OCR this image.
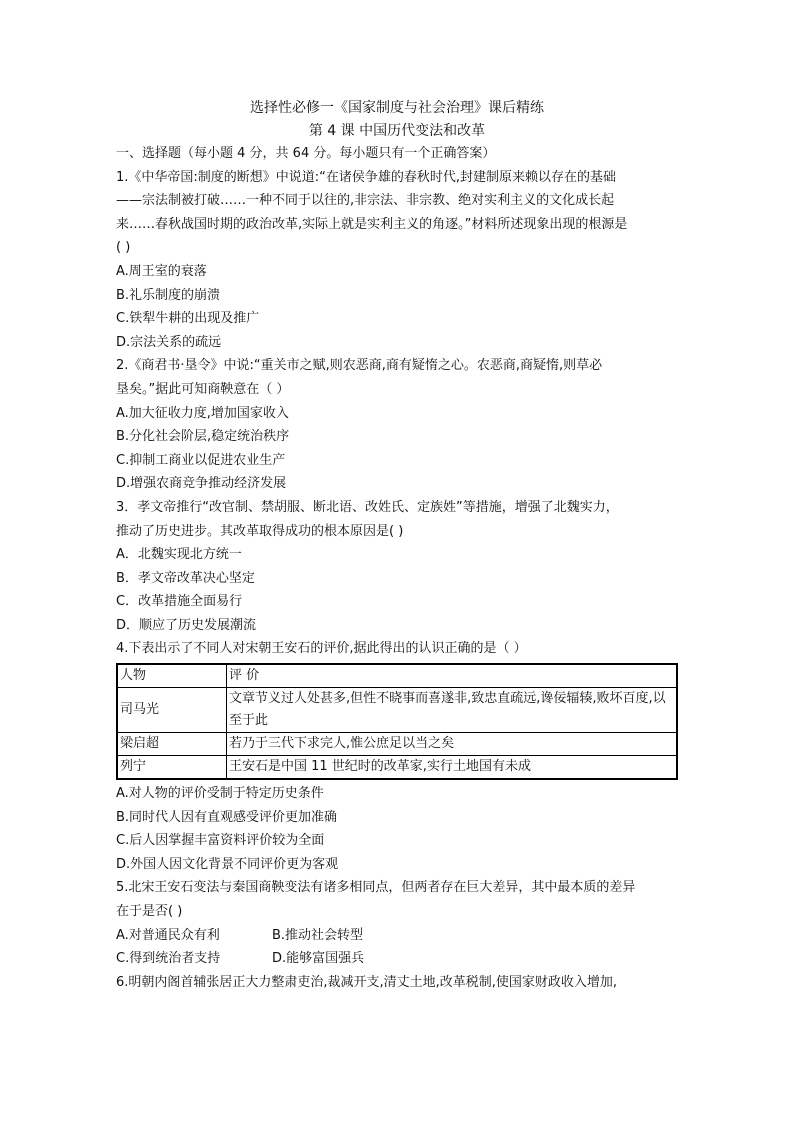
选择性必修一《国家制度与社会治理》课后精练
第 4 课 中国历代变法和改革
一、选择题（每小题 4 分，共 64 分。每小题只有一个正确答案）
1.《中华帝国:制度的断想》中说道:“在诸侯争雄的春秋时代,封建制原来赖以存在的基础
——宗法制被打破……一种不同于以往的,非宗法、非宗教、绝对实利主义的文化成长起
来……春秋战国时期的政治改革,实际上就是实利主义的角逐。”材料所述现象出现的根源是
( )
A.周王室的衰落
B.礼乐制度的崩溃
C.铁犁牛耕的出现及推广
D.宗法关系的疏远
2.《商君书·垦令》中说:“重关市之赋,则农恶商,商有疑惰之心。农恶商,商疑惰,则草必
垦矣。”据此可知商鞅意在（ ）
A.加大征收力度,增加国家收入
B.分化社会阶层,稳定统治秩序
C.抑制工商业以促进农业生产
D.增强农商竞争推动经济发展
3．孝文帝推行“改官制、禁胡服、断北语、改姓氏、定族姓”等措施，增强了北魏实力，
推动了历史进步。其改革取得成功的根本原因是( )
A．北魏实现北方统一
B．孝文帝改革决心坚定
C．改革措施全面易行
D．顺应了历史发展潮流
4.下表出示了不同人对宋朝王安石的评价,据此得出的认识正确的是（ ）
人物	评 价
司马光	文章节义过人处甚多,但性不晓事而喜遂非,致忠直疏远,谗佞辐辏,败坏百度,以至于此
梁启超	若乃于三代下求完人,惟公庶足以当之矣
列宁	王安石是中国 11 世纪时的改革家,实行土地国有未成
A.对人物的评价受制于特定历史条件
B.同时代人因有直观感受评价更加准确
C.后人因掌握丰富资料评价较为全面
D.外国人因文化背景不同评价更为客观
5.北宋王安石变法与秦国商鞅变法有诸多相同点，但两者存在巨大差异，其中最本质的差异
在于是否( )
A.对普通民众有利	B.推动社会转型
C.得到统治者支持	D.能够富国强兵
6.明朝内阁首辅张居正大力整肃吏治,裁减开支,清丈土地,改革税制,使国家财政收入增加,
